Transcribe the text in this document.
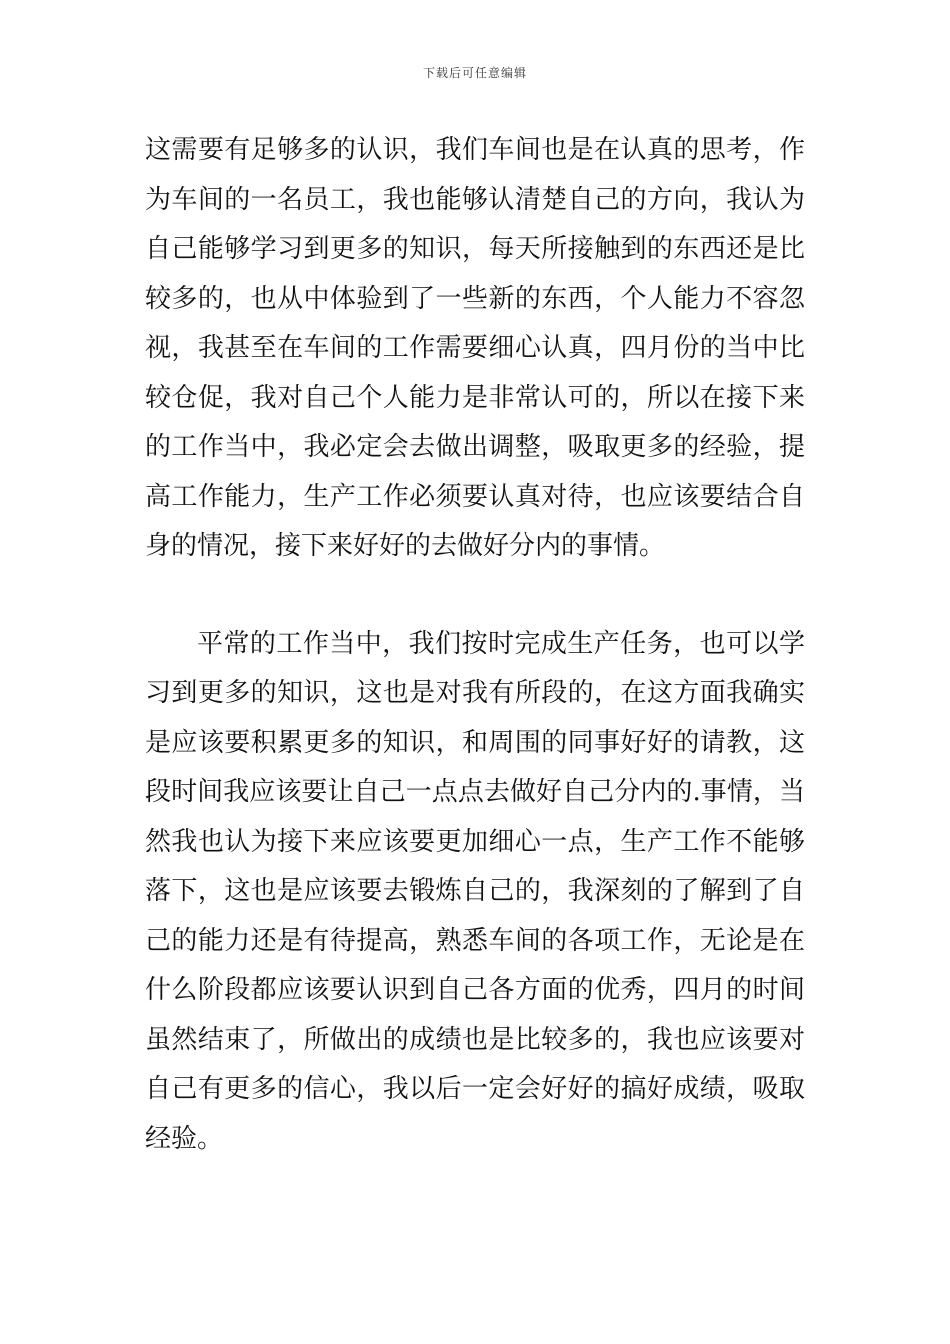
下载后可任意编辑
这需要有足够多的认识，我们车间也是在认真的思考，作
为车间的一名员工，我也能够认清楚自己的方向，我认为
自己能够学习到更多的知识，每天所接触到的东西还是比
较多的，也从中体验到了一些新的东西，个人能力不容忽
视，我甚至在车间的工作需要细心认真，四月份的当中比
较仓促，我对自己个人能力是非常认可的，所以在接下来
的工作当中，我必定会去做出调整，吸取更多的经验，提
高工作能力，生产工作必须要认真对待，也应该要结合自
身的情况，接下来好好的去做好分内的事情。
平常的工作当中，我们按时完成生产任务，也可以学
习到更多的知识，这也是对我有所段的，在这方面我确实
是应该要积累更多的知识，和周围的同事好好的请教，这
段时间我应该要让自己一点点去做好自己分内的.事情，当
然我也认为接下来应该要更加细心一点，生产工作不能够
落下，这也是应该要去锻炼自己的，我深刻的了解到了自
己的能力还是有待提高，熟悉车间的各项工作，无论是在
什么阶段都应该要认识到自己各方面的优秀，四月的时间
虽然结束了，所做出的成绩也是比较多的，我也应该要对
自己有更多的信心，我以后一定会好好的搞好成绩，吸取
经验。
